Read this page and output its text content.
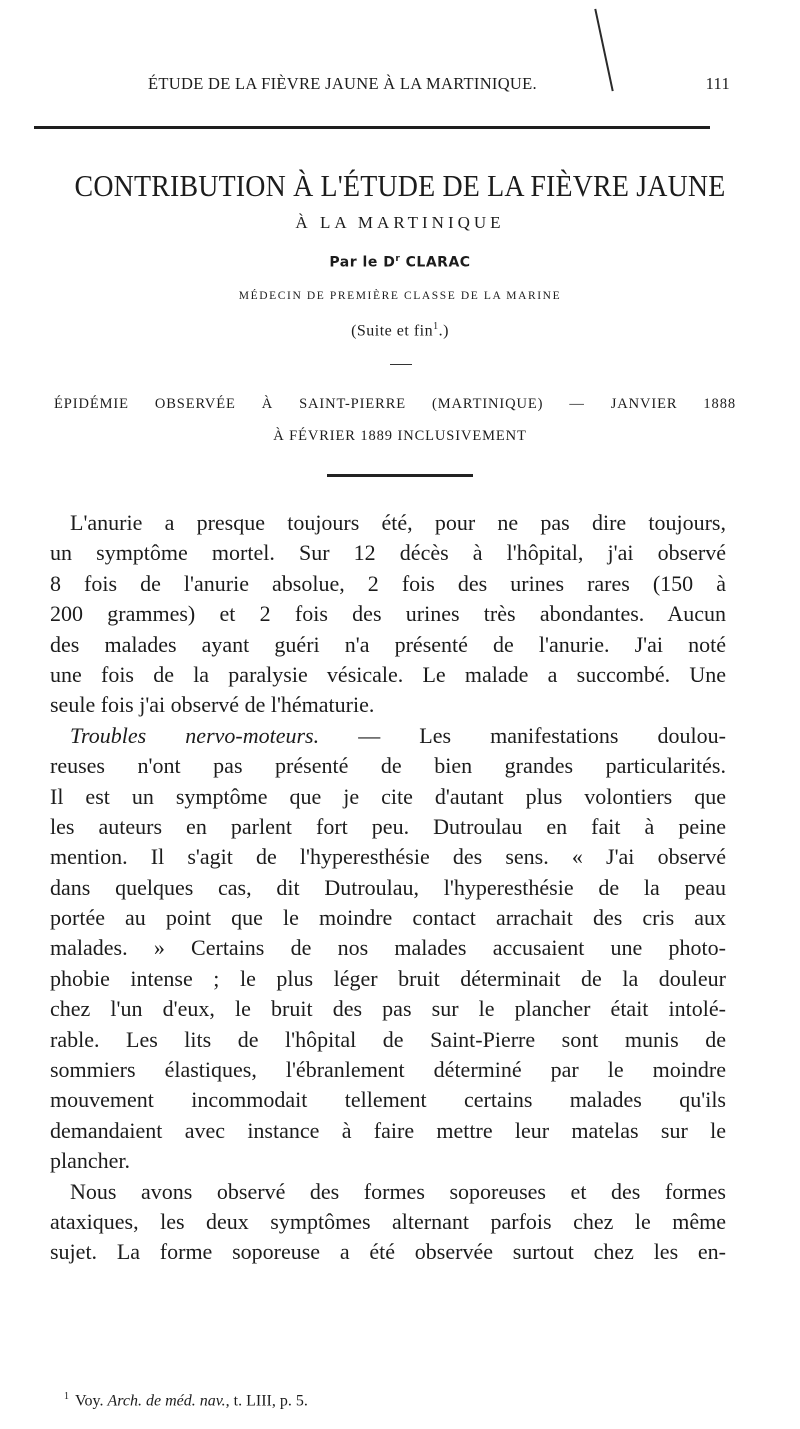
ÉTUDE DE LA FIÈVRE JAUNE À LA MARTINIQUE.	111
CONTRIBUTION À L'ÉTUDE DE LA FIÈVRE JAUNE
À LA MARTINIQUE
Par le $D^r$ CLARAC
MÉDECIN DE PREMIÈRE CLASSE DE LA MARINE
(Suite et fin$^1$.)
ÉPIDÉMIE OBSERVÉE À SAINT-PIERRE (MARTINIQUE) — JANVIER 1888
À FÉVRIER 1889 INCLUSIVEMENT
L'anurie a presque toujours été, pour ne pas dire toujours,
un symptôme mortel. Sur 12 décès à l'hôpital, j'ai observé
8 fois de l'anurie absolue, 2 fois des urines rares (150 à
200 grammes) et 2 fois des urines très abondantes. Aucun
des malades ayant guéri n'a présenté de l'anurie. J'ai noté
une fois de la paralysie vésicale. Le malade a succombé. Une
seule fois j'ai observé de l'hématurie.
Troubles nervo-moteurs. — Les manifestations doulou-
reuses n'ont pas présenté de bien grandes particularités.
Il est un symptôme que je cite d'autant plus volontiers que
les auteurs en parlent fort peu. Dutroulau en fait à peine
mention. Il s'agit de l'hyperesthésie des sens. « J'ai observé
dans quelques cas, dit Dutroulau, l'hyperesthésie de la peau
portée au point que le moindre contact arrachait des cris aux
malades. » Certains de nos malades accusaient une photo-
phobie intense ; le plus léger bruit déterminait de la douleur
chez l'un d'eux, le bruit des pas sur le plancher était intolé-
rable. Les lits de l'hôpital de Saint-Pierre sont munis de
sommiers élastiques, l'ébranlement déterminé par le moindre
mouvement incommodait tellement certains malades qu'ils
demandaient avec instance à faire mettre leur matelas sur le
plancher.
Nous avons observé des formes soporeuses et des formes
ataxiques, les deux symptômes alternant parfois chez le même
sujet. La forme soporeuse a été observée surtout chez les en-
$^1$ Voy. Arch. de méd. nav., t. LIII, p. 5.
